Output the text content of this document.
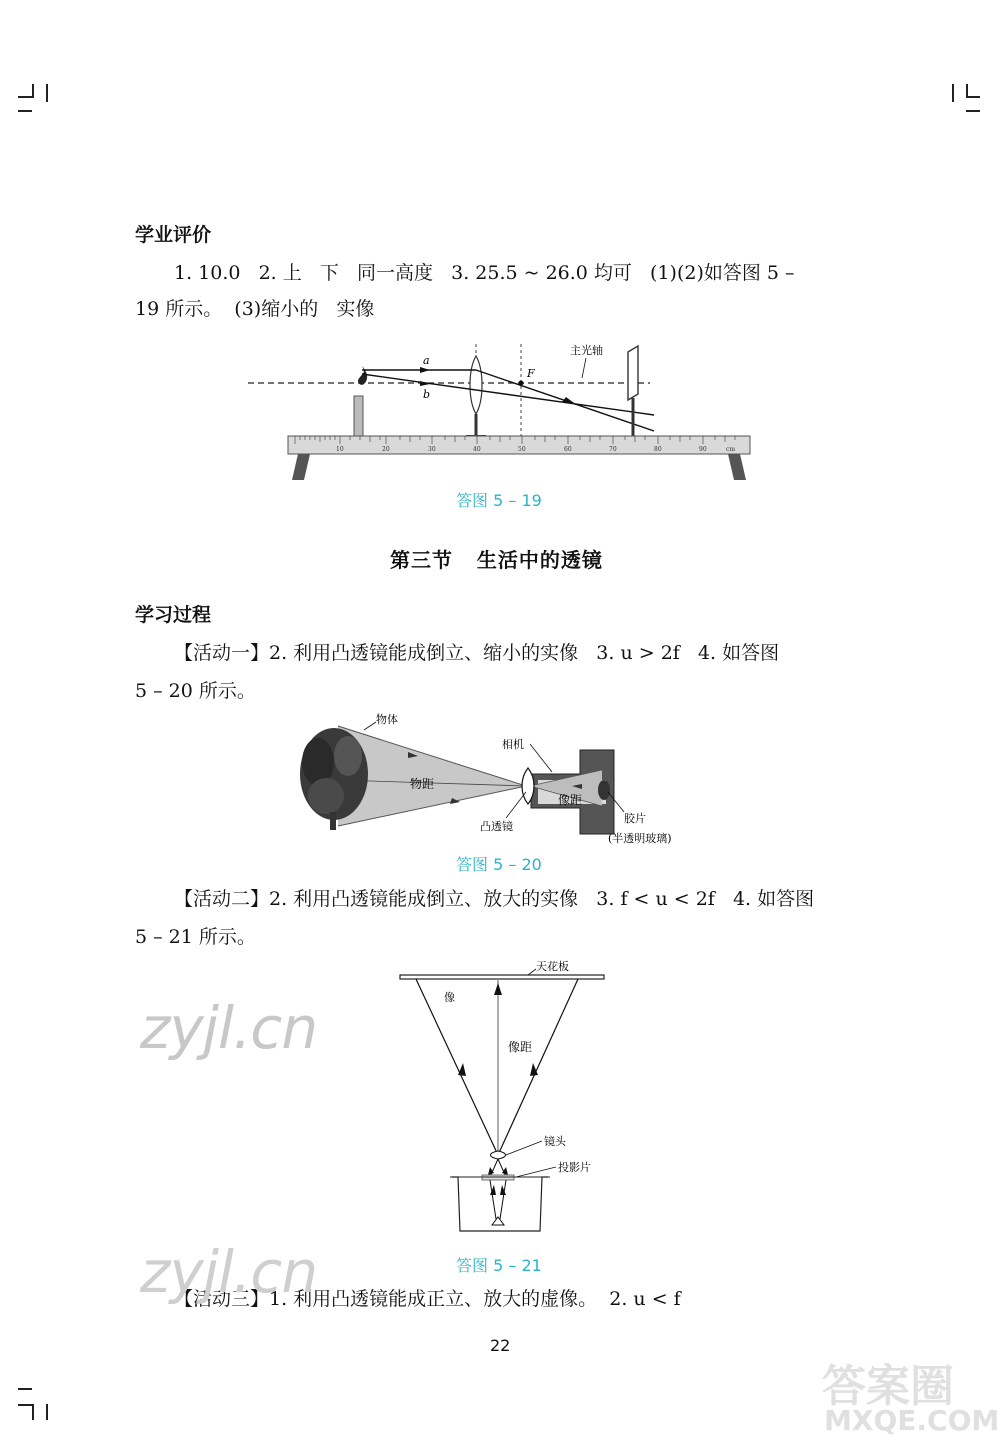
学业评价
1. 10.0   2. 上   下   同一高度   3. 25.5 ~ 26.0 均可   (1)(2)如答图 5 –
19 所示。  (3)缩小的   实像
a
b
F
主光轴
10	20	30	40	50	60	70	80	90	cm
答图 5 – 19
第三节   生活中的透镜
学习过程
【活动一】2. 利用凸透镜能成倒立、缩小的实像   3. u > 2f   4. 如答图
5 – 20 所示。
物体
相机
物距
像距
凸透镜
胶片
(半透明玻璃)
答图 5 – 20
【活动二】2. 利用凸透镜能成倒立、放大的实像   3. f < u < 2f   4. 如答图
5 – 21 所示。
天花板
像
像距
镜头
投影片
答图 5 – 21
【活动三】1. 利用凸透镜能成正立、放大的虚像。  2. u < f
22
zyjl.cn
zyjl.cn
答案圈
MXQE.COM
